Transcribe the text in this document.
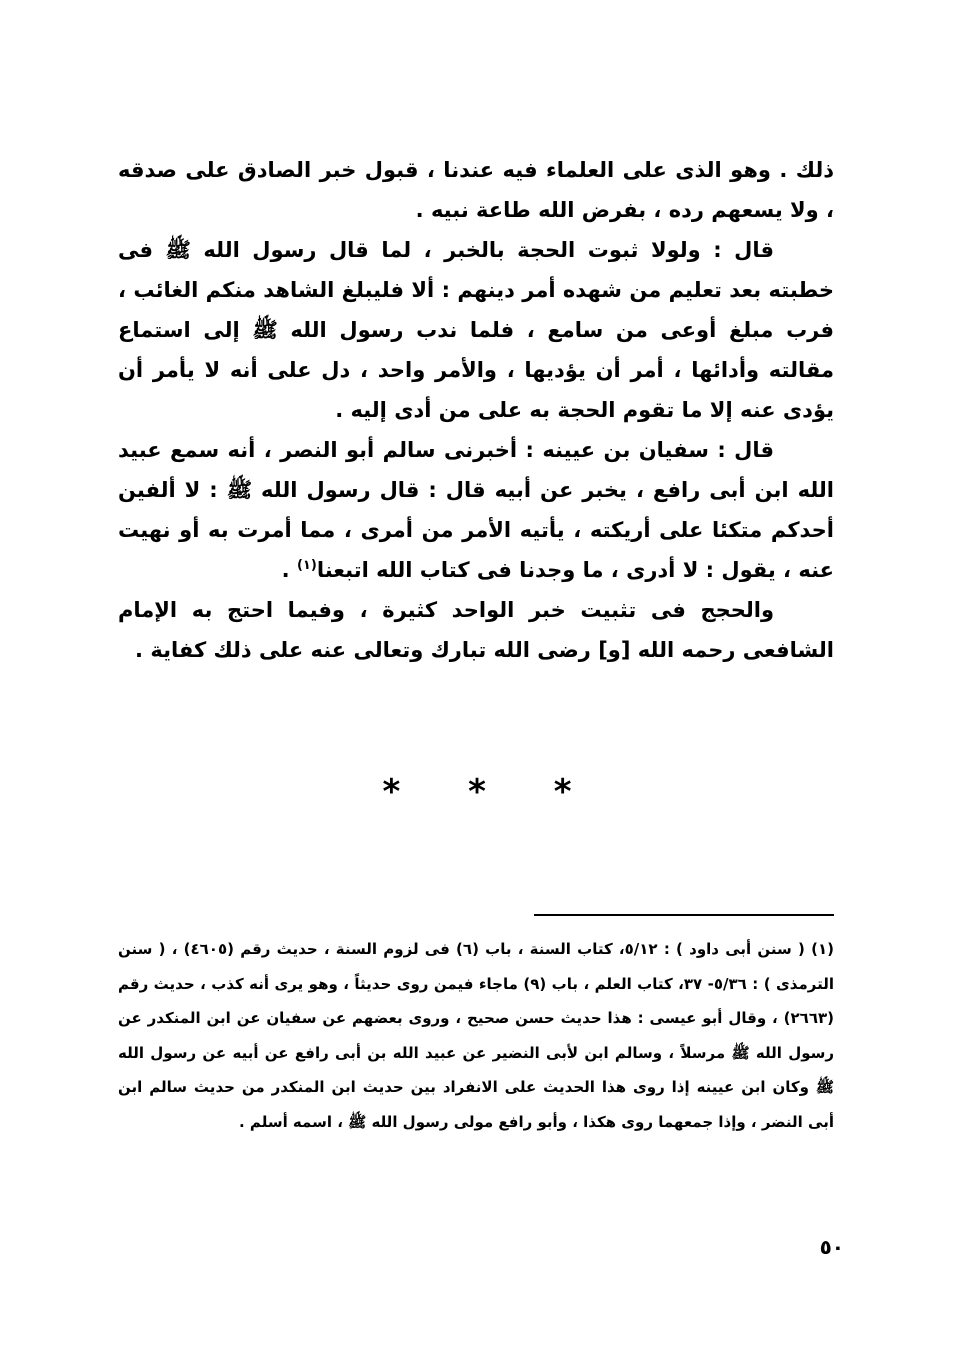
ذلك . وهو الذى على العلماء فيه عندنا ، قبول خبر الصادق على صدقه ، ولا يسعهم رده ، بفرض الله طاعة نبيه .

قال : ولولا ثبوت الحجة بالخبر ، لما قال رسول الله ﷺ فى خطبته بعد تعليم من شهده أمر دينهم : ألا فليبلغ الشاهد منكم الغائب ، فرب مبلغ أوعى من سامع ، فلما ندب رسول الله ﷺ إلى استماع مقالته وأدائها ، أمر أن يؤديها ، والأمر واحد ، دل على أنه لا يأمر أن يؤدى عنه إلا ما تقوم الحجة به على من أدى إليه .

قال : سفيان بن عيينه : أخبرنى سالم أبو النصر ، أنه سمع عبيد الله ابن أبى رافع ، يخبر عن أبيه قال : قال رسول الله ﷺ : لا ألفين أحدكم متكئا على أريكته ، يأتيه الأمر من أمرى ، مما أمرت به أو نهيت عنه ، يقول : لا أدرى ، ما وجدنا فى كتاب الله اتبعنا$^{(١)}$ .

والحجج فى تثبيت خبر الواحد كثيرة ، وفيما احتج به الإمام الشافعى رحمه الله [و] رضى الله تبارك وتعالى عنه على ذلك كفاية .

* * *

(١) ( سنن أبى داود ) : ٥/١٢، كتاب السنة ، باب (٦) فى لزوم السنة ، حديث رقم (٤٦٠٥) ، ( سنن الترمذى ) : ٥/٣٦- ٣٧، كتاب العلم ، باب (٩) ماجاء فيمن روى حديثاً ، وهو يرى أنه كذب ، حديث رقم (٢٦٦٣) ، وقال أبو عيسى : هذا حديث حسن صحيح ، وروى بعضهم عن سفيان عن ابن المنكدر عن رسول الله ﷺ مرسلاً ، وسالم ابن لأبى النضير عن عبيد الله بن أبى رافع عن أبيه عن رسول الله ﷺ وكان ابن عيينه إذا روى هذا الحديث على الانفراد بين حديث ابن المنكدر من حديث سالم ابن أبى النضر ، وإذا جمعهما روى هكذا ، وأبو رافع مولى رسول الله ﷺ ، اسمه أسلم .

٥٠
